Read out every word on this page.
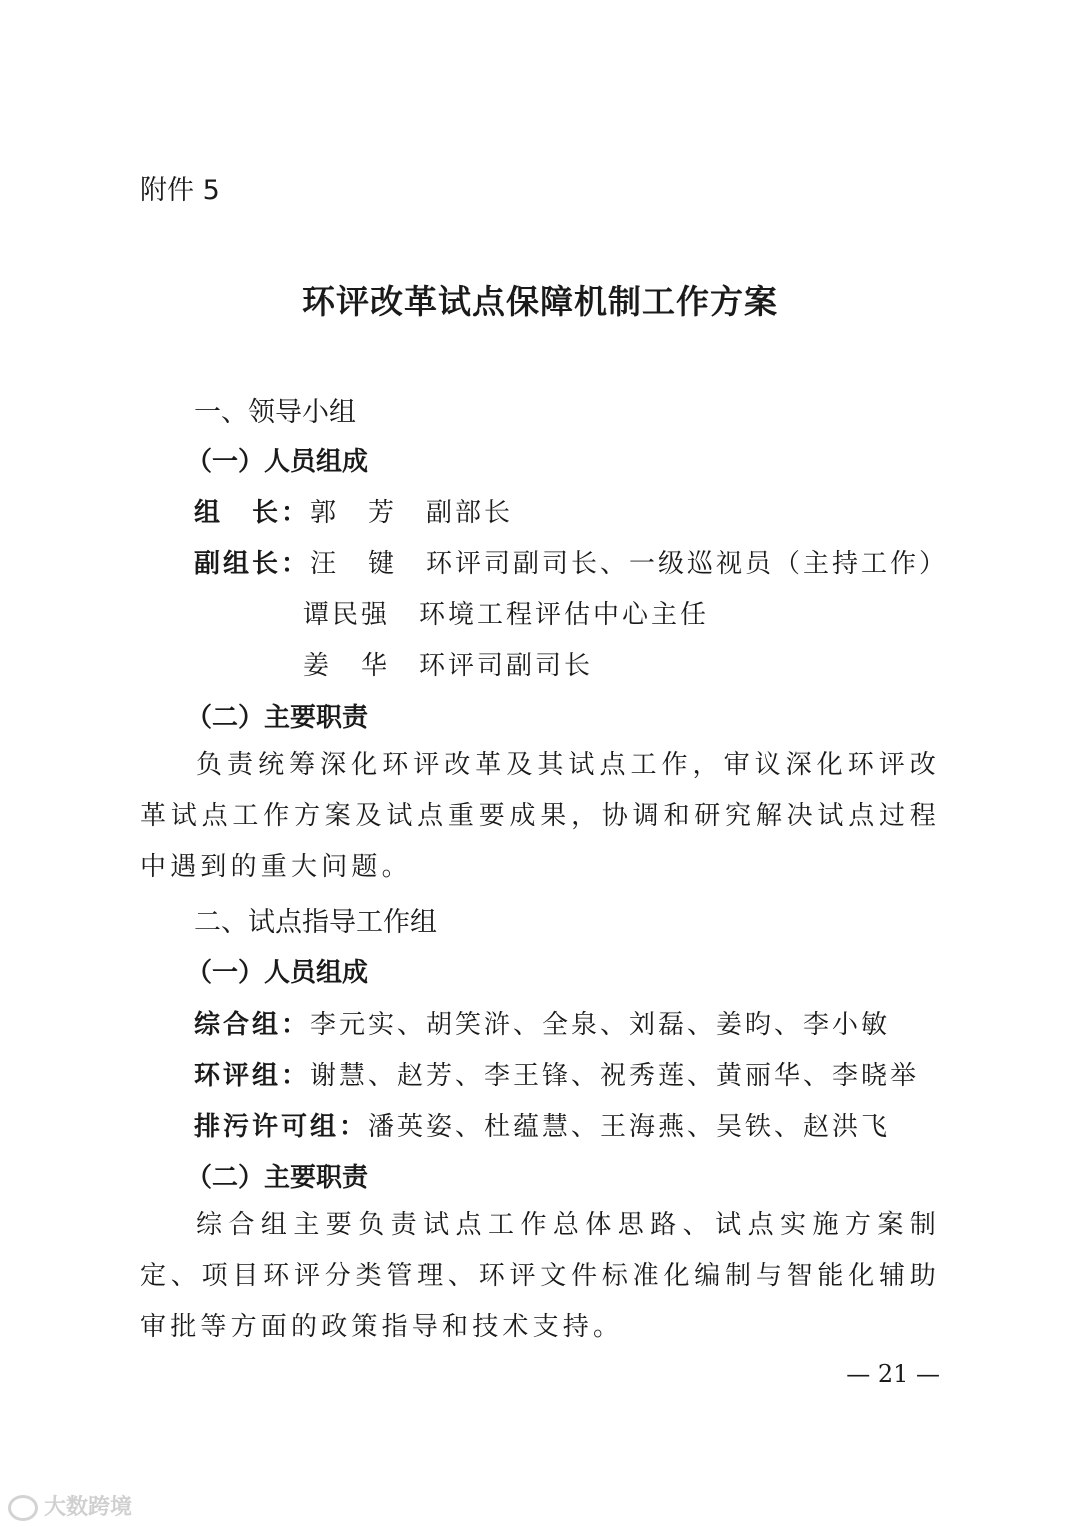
附件 5
环评改革试点保障机制工作方案
一、领导小组
（一）人员组成
组　长：郭　芳　副部长
副组长：汪　键　环评司副司长、一级巡视员（主持工作）
谭民强　环境工程评估中心主任
姜　华　环评司副司长
（二）主要职责
负责统筹深化环评改革及其试点工作，审议深化环评改革试点工作方案及试点重要成果，协调和研究解决试点过程中遇到的重大问题。
二、试点指导工作组
（一）人员组成
综合组：李元实、胡笑浒、全泉、刘磊、姜昀、李小敏
环评组：谢慧、赵芳、李王锋、祝秀莲、黄丽华、李晓举
排污许可组：潘英姿、杜蕴慧、王海燕、吴铁、赵洪飞
（二）主要职责
综合组主要负责试点工作总体思路、试点实施方案制定、项目环评分类管理、环评文件标准化编制与智能化辅助审批等方面的政策指导和技术支持。
— 21 —
大数跨境
